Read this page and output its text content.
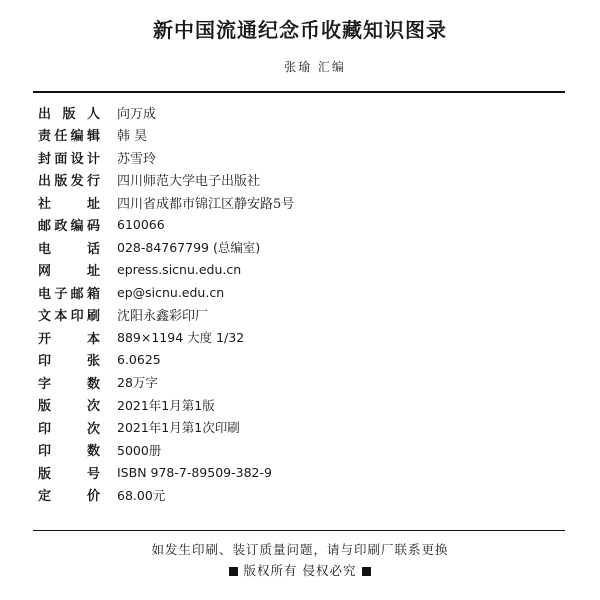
新中国流通纪念币收藏知识图录
张瑜 汇编
出 版 人 向万成
责 任 编 辑 韩 昊
封 面 设 计 苏雪玲
出 版 发 行 四川师范大学电子出版社
社	址 四川省成都市锦江区静安路5号
邮 政 编 码 610066
电	话 028-84767799 (总编室)
网	址 epress.sicnu.edu.cn
电 子 邮 箱 ep@sicnu.edu.cn
文 本 印 刷 沈阳永鑫彩印厂
开	本 889×1194 大度 1/32
印	张 6.0625
字	数 28万字
版	次 2021年1月第1版
印	次 2021年1月第1次印刷
印	数 5000册
版	号 ISBN 978-7-89509-382-9
定	价 68.00元
如发生印刷、装订质量问题，请与印刷厂联系更换
版权所有 侵权必究
